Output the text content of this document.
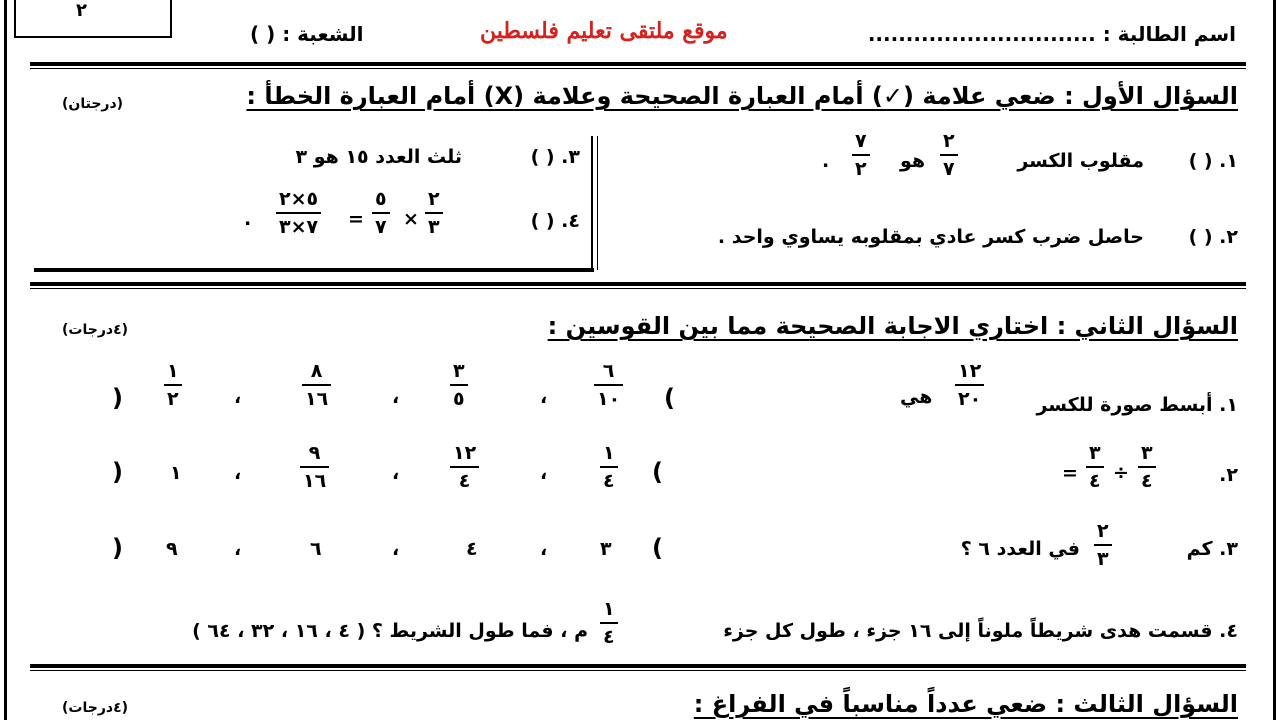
٢
الشعبة : ( )	موقع ملتقى تعليم فلسطين	اسم الطالبة : ..............................
السؤال الأول : ضعي علامة (✓) أمام العبارة الصحيحة وعلامة (X) أمام العبارة الخطأ :
(درجتان)
١. ( )
مقلوب الكسر
٢
٧
هو
٧
٢
.
٢. ( )
حاصل ضرب كسر عادي بمقلوبه يساوي واحد .
٣. ( )
ثلث العدد ١٥ هو ٣
٤. ( )
٢
٣
×
٥
٧
=
٥×٢
٧×٣
.
السؤال الثاني : اختاري الاجابة الصحيحة مما بين القوسين :
(٤درجات)
١. أبسط صورة للكسر
١٢
٢٠
هي
(
٦
١٠
،
٣
٥
،
٨
١٦
،
١
٢
)
٢.
٣
٤
÷
٣
٤
=
(
١
٤
،
١٢
٤
،
٩
١٦
،
١
)
٣. كم
٢
٣
في العدد ٦ ؟
(
٣
،
٤
،
٦
،
٩
)
٤. قسمت هدى شريطاً ملوناً إلى ١٦ جزء ، طول كل جزء
١
٤
م ، فما طول الشريط ؟ ( ٤ ، ١٦ ، ٣٢ ، ٦٤ )
السؤال الثالث : ضعي عدداً مناسباً في الفراغ :
(٤درجات)
